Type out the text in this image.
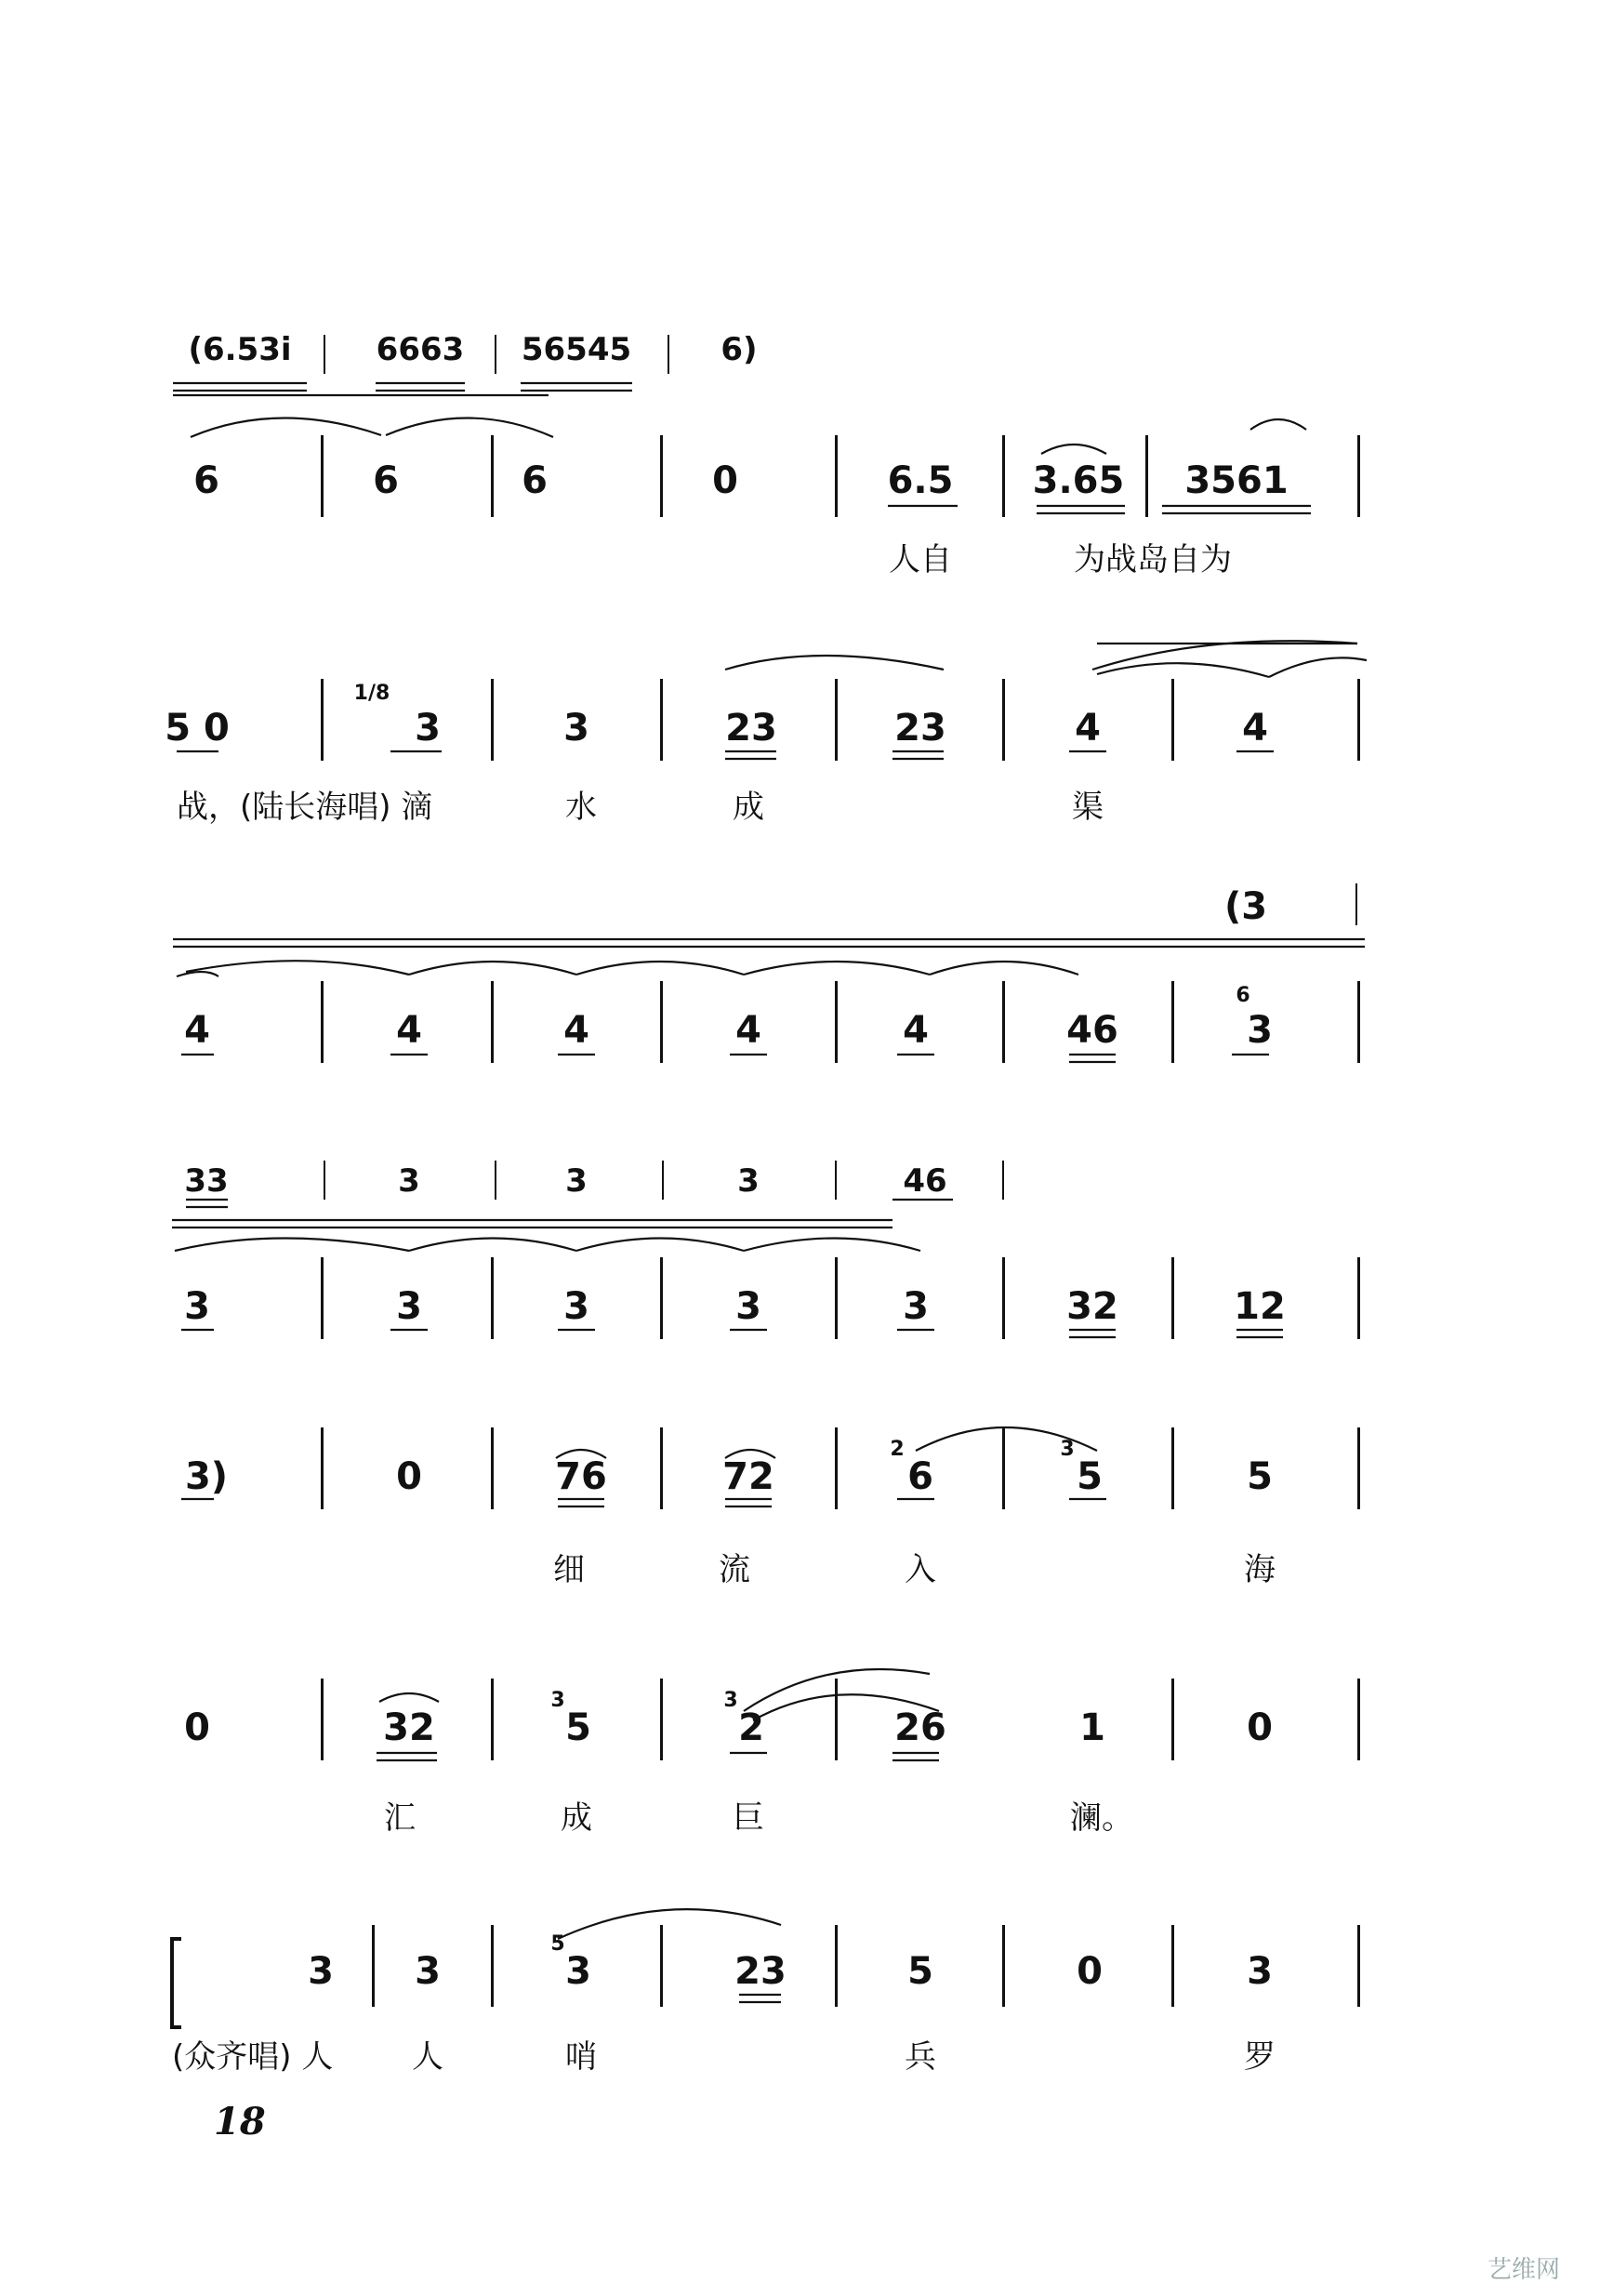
(6.53i	6663 56545	6)
6	6	6	0	6.5 3.65 3561
人自	为战岛自为
5 0
1/8
3	3	23	23	4	4
战，(陆长海唱) 滴	水	成	渠
(3
4	4	4	4	4	46
6
3
33	3	3	3	46
3	3	3	3	3	32	12
3)	0	76	72
2
6
3
5	5
细	流	入	海
0	32
3
5
3
2	26	1	0
汇	成	巨	澜。
3 3
5
3	23	5	0	3
(众齐唱) 人 人	哨	兵	罗
18
艺维网
